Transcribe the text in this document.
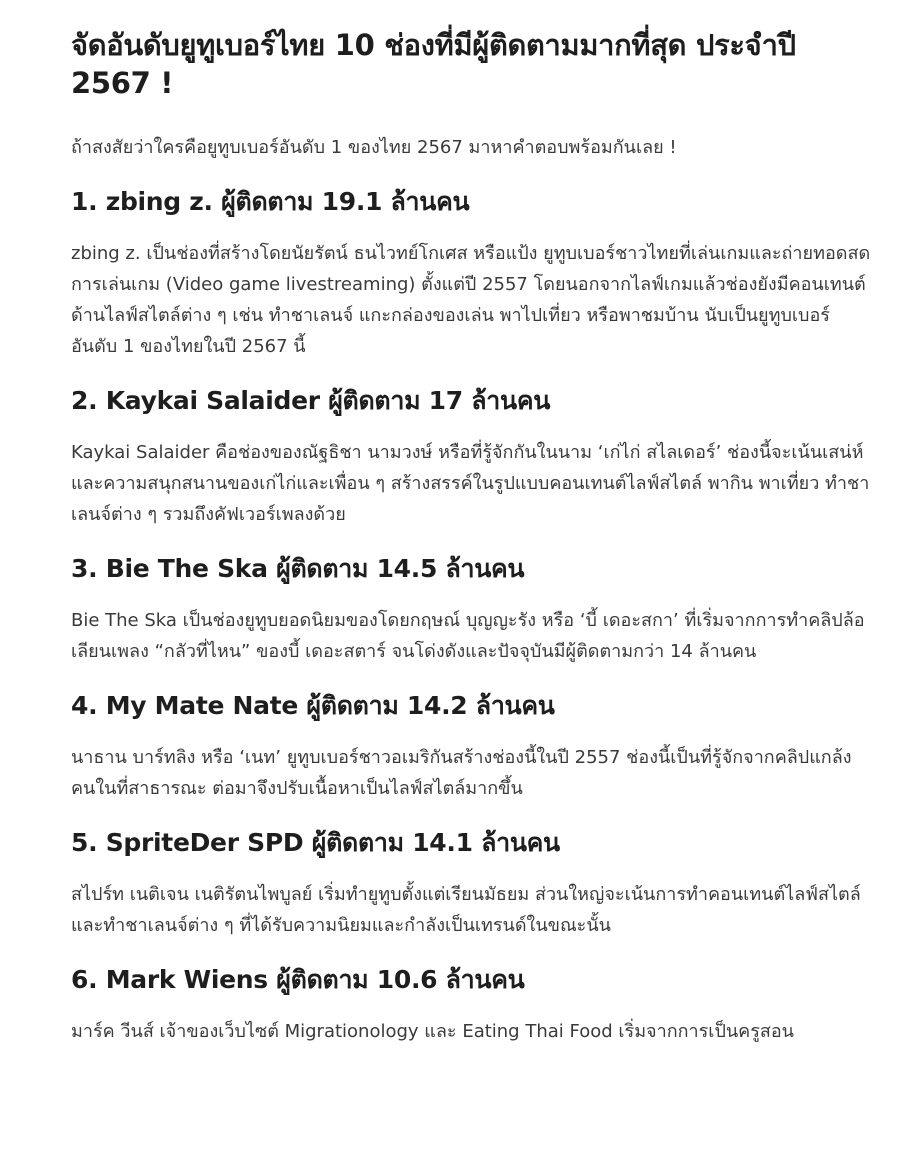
จัดอันดับยูทูเบอร์ไทย 10 ช่องที่มีผู้ติดตามมากที่สุด ประจำปี 2567 !

ถ้าสงสัยว่าใครคือยูทูบเบอร์อันดับ 1 ของไทย 2567 มาหาคำตอบพร้อมกันเลย !

1. zbing z. ผู้ติดตาม 19.1 ล้านคน

zbing z. เป็นช่องที่สร้างโดยนัยรัตน์ ธนไวทย์โกเศส หรือแป้ง ยูทูบเบอร์ชาวไทยที่เล่นเกมและถ่ายทอดสดการเล่นเกม (Video game livestreaming) ตั้งแต่ปี 2557 โดยนอกจากไลฟ์เกมแล้วช่องยังมีคอนเทนต์ด้านไลฟ์สไตล์ต่าง ๆ เช่น ทำชาเลนจ์ แกะกล่องของเล่น พาไปเที่ยว หรือพาชมบ้าน นับเป็นยูทูบเบอร์อันดับ 1 ของไทยในปี 2567 นี้

2. Kaykai Salaider ผู้ติดตาม 17 ล้านคน

Kaykai Salaider คือช่องของณัฐธิชา นามวงษ์ หรือที่รู้จักกันในนาม ‘เก่ไก่ สไลเดอร์’ ช่องนี้จะเน้นเสน่ห์และความสนุกสนานของเก่ไก่และเพื่อน ๆ สร้างสรรค์ในรูปแบบคอนเทนต์ไลฟ์สไตล์ พากิน พาเที่ยว ทำชาเลนจ์ต่าง ๆ รวมถึงคัฟเวอร์เพลงด้วย

3. Bie The Ska ผู้ติดตาม 14.5 ล้านคน

Bie The Ska เป็นช่องยูทูบยอดนิยมของโดยกฤษณ์ บุญญะรัง หรือ ‘บี้ เดอะสกา’ ที่เริ่มจากการทำคลิปล้อเลียนเพลง “กลัวที่ไหน” ของบี้ เดอะสตาร์ จนโด่งดังและปัจจุบันมีผู้ติดตามกว่า 14 ล้านคน

4. My Mate Nate ผู้ติดตาม 14.2 ล้านคน

นาธาน บาร์ทลิง หรือ ‘เนท’ ยูทูบเบอร์ชาวอเมริกันสร้างช่องนี้ในปี 2557 ช่องนี้เป็นที่รู้จักจากคลิปแกล้งคนในที่สาธารณะ ต่อมาจึงปรับเนื้อหาเป็นไลฟ์สไตล์มากขึ้น

5. SpriteDer SPD ผู้ติดตาม 14.1 ล้านคน

สไปร์ท เนติเจน เนติรัตนไพบูลย์ เริ่มทำยูทูบตั้งแต่เรียนมัธยม ส่วนใหญ่จะเน้นการทำคอนเทนต์ไลฟ์สไตล์และทำชาเลนจ์ต่าง ๆ ที่ได้รับความนิยมและกำลังเป็นเทรนด์ในขณะนั้น

6. Mark Wiens ผู้ติดตาม 10.6 ล้านคน

มาร์ค วีนส์ เจ้าของเว็บไซต์ Migrationology และ Eating Thai Food เริ่มจากการเป็นครูสอน
